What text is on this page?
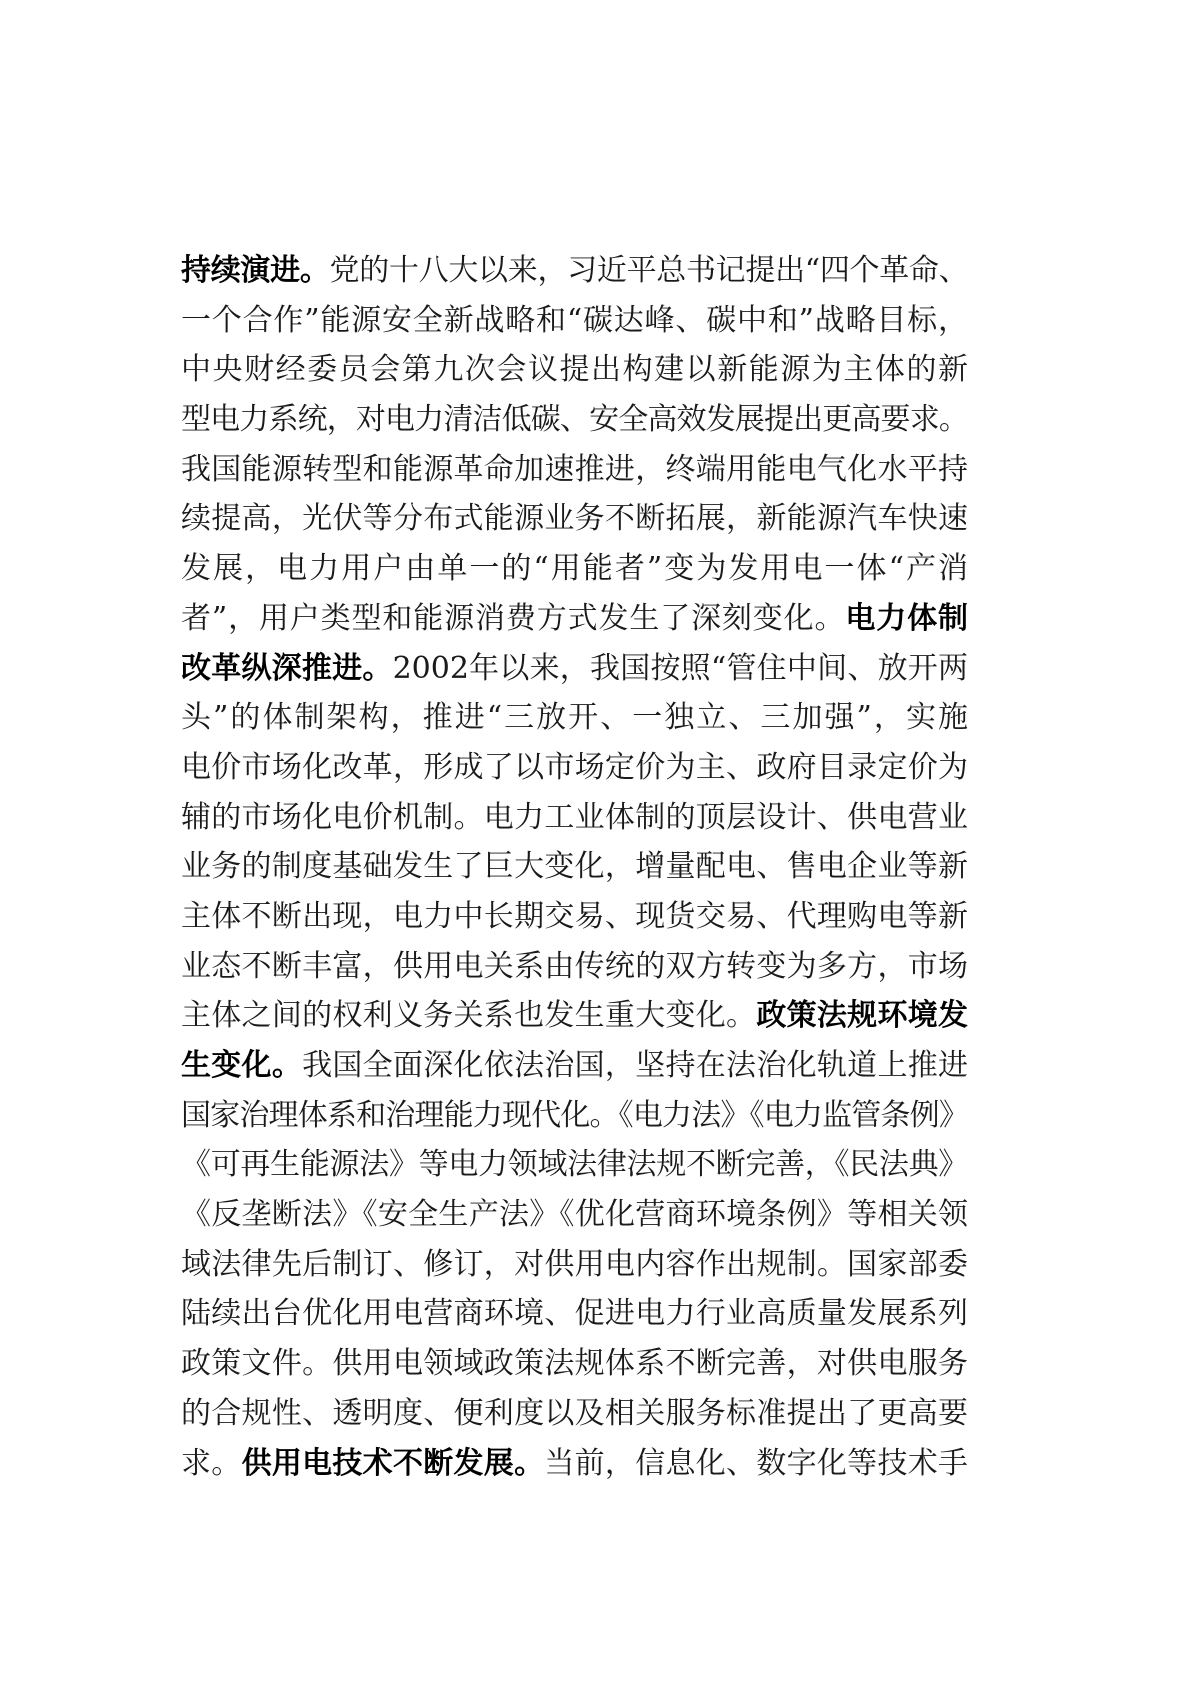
持续演进。党的十八大以来，习近平总书记提出“四个革命、
一个合作”能源安全新战略和“碳达峰、碳中和”战略目标，
中央财经委员会第九次会议提出构建以新能源为主体的新
型电力系统，对电力清洁低碳、安全高效发展提出更高要求。
我国能源转型和能源革命加速推进，终端用能电气化水平持
续提高，光伏等分布式能源业务不断拓展，新能源汽车快速
发展，电力用户由单一的“用能者”变为发用电一体“产消
者”，用户类型和能源消费方式发生了深刻变化。电力体制
改革纵深推进。2002年以来，我国按照“管住中间、放开两
头”的体制架构，推进“三放开、一独立、三加强”，实施
电价市场化改革，形成了以市场定价为主、政府目录定价为
辅的市场化电价机制。电力工业体制的顶层设计、供电营业
业务的制度基础发生了巨大变化，增量配电、售电企业等新
主体不断出现，电力中长期交易、现货交易、代理购电等新
业态不断丰富，供用电关系由传统的双方转变为多方，市场
主体之间的权利义务关系也发生重大变化。政策法规环境发
生变化。我国全面深化依法治国，坚持在法治化轨道上推进
国家治理体系和治理能力现代化。《电力法》《电力监管条例》
《可再生能源法》等电力领域法律法规不断完善，《民法典》
《反垄断法》《安全生产法》《优化营商环境条例》等相关领
域法律先后制订、修订，对供用电内容作出规制。国家部委
陆续出台优化用电营商环境、促进电力行业高质量发展系列
政策文件。供用电领域政策法规体系不断完善，对供电服务
的合规性、透明度、便利度以及相关服务标准提出了更高要
求。供用电技术不断发展。当前，信息化、数字化等技术手
